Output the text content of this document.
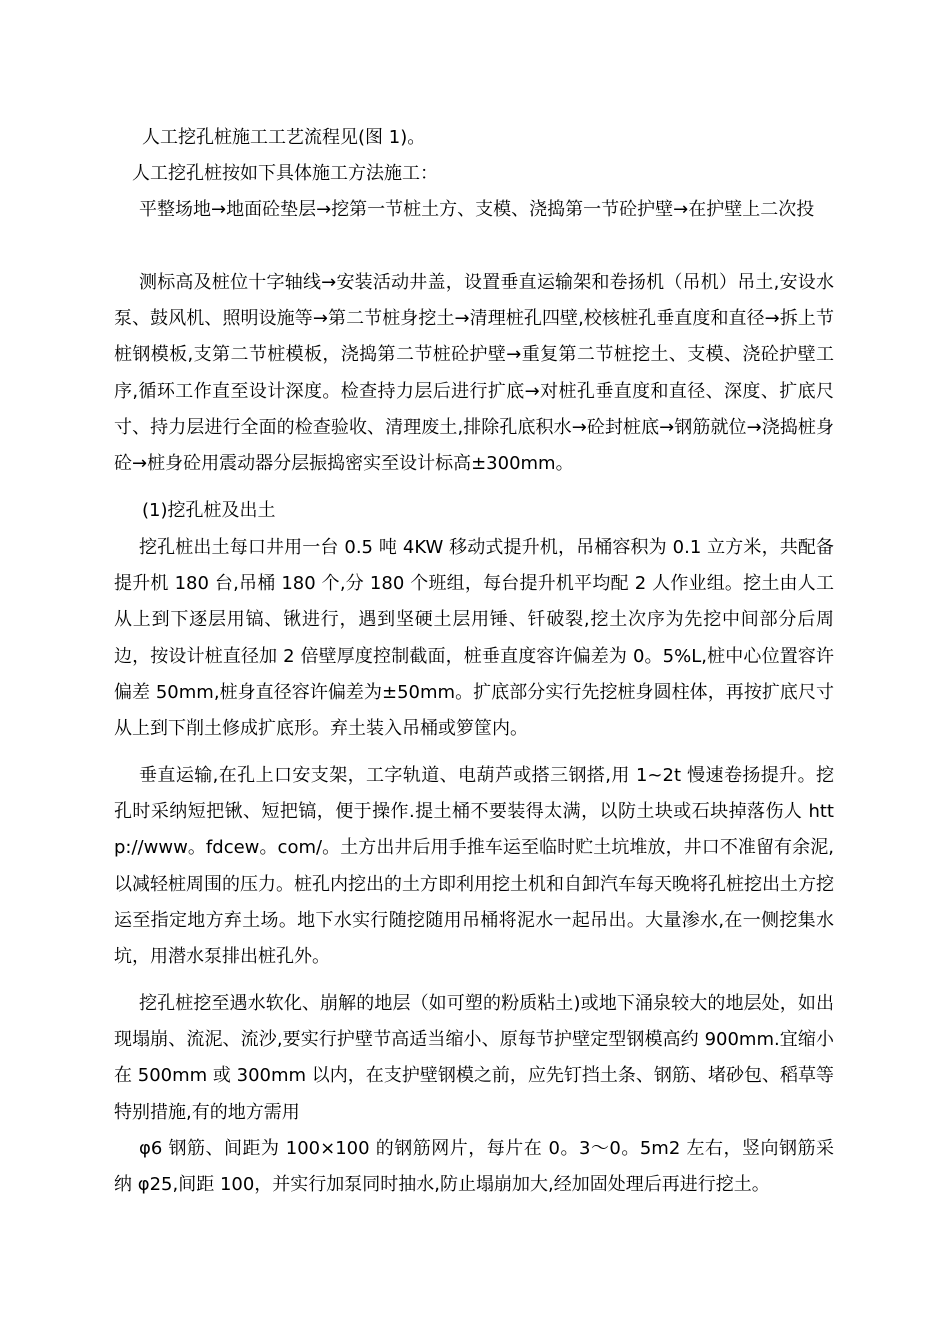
人工挖孔桩施工工艺流程见(图 1)。

人工挖孔桩按如下具体施工方法施工：

平整场地→地面砼垫层→挖第一节桩土方、支模、浇捣第一节砼护壁→在护壁上二次投

测标高及桩位十字轴线→安装活动井盖，设置垂直运输架和卷扬机（吊机）吊土,安设水泵、鼓风机、照明设施等→第二节桩身挖土→清理桩孔四壁,校核桩孔垂直度和直径→拆上节桩钢模板,支第二节桩模板，浇捣第二节桩砼护壁→重复第二节桩挖土、支模、浇砼护壁工序,循环工作直至设计深度。检查持力层后进行扩底→对桩孔垂直度和直径、深度、扩底尺寸、持力层进行全面的检查验收、清理废土,排除孔底积水→砼封桩底→钢筋就位→浇捣桩身砼→桩身砼用震动器分层振捣密实至设计标高±300mm。

(1)挖孔桩及出土

挖孔桩出土每口井用一台 0.5 吨 4KW 移动式提升机，吊桶容积为 0.1 立方米，共配备提升机 180 台,吊桶 180 个,分 180 个班组，每台提升机平均配 2 人作业组。挖土由人工从上到下逐层用镐、锹进行，遇到坚硬土层用锤、钎破裂,挖土次序为先挖中间部分后周边，按设计桩直径加 2 倍壁厚度控制截面，桩垂直度容许偏差为 0。5%L,桩中心位置容许偏差 50mm,桩身直径容许偏差为±50mm。扩底部分实行先挖桩身圆柱体，再按扩底尺寸从上到下削土修成扩底形。弃土装入吊桶或箩筐内。

垂直运输,在孔上口安支架，工字轨道、电葫芦或搭三钢搭,用 1~2t 慢速卷扬提升。挖孔时采纳短把锹、短把镐，便于操作.提土桶不要装得太满，以防土块或石块掉落伤人 http://www。fdcew。com/。土方出井后用手推车运至临时贮土坑堆放，井口不准留有余泥,以减轻桩周围的压力。桩孔内挖出的土方即利用挖土机和自卸汽车每天晚将孔桩挖出土方挖运至指定地方弃土场。地下水实行随挖随用吊桶将泥水一起吊出。大量渗水,在一侧挖集水坑，用潜水泵排出桩孔外。

挖孔桩挖至遇水软化、崩解的地层（如可塑的粉质粘土)或地下涌泉较大的地层处，如出现塌崩、流泥、流沙,要实行护壁节高适当缩小、原每节护壁定型钢模高约 900mm.宜缩小在 500mm 或 300mm 以内，在支护壁钢模之前，应先钉挡土条、钢筋、堵砂包、稻草等特别措施,有的地方需用

φ6 钢筋、间距为 100×100 的钢筋网片，每片在 0。3～0。5m2 左右，竖向钢筋采纳 φ25,间距 100，并实行加泵同时抽水,防止塌崩加大,经加固处理后再进行挖土。
